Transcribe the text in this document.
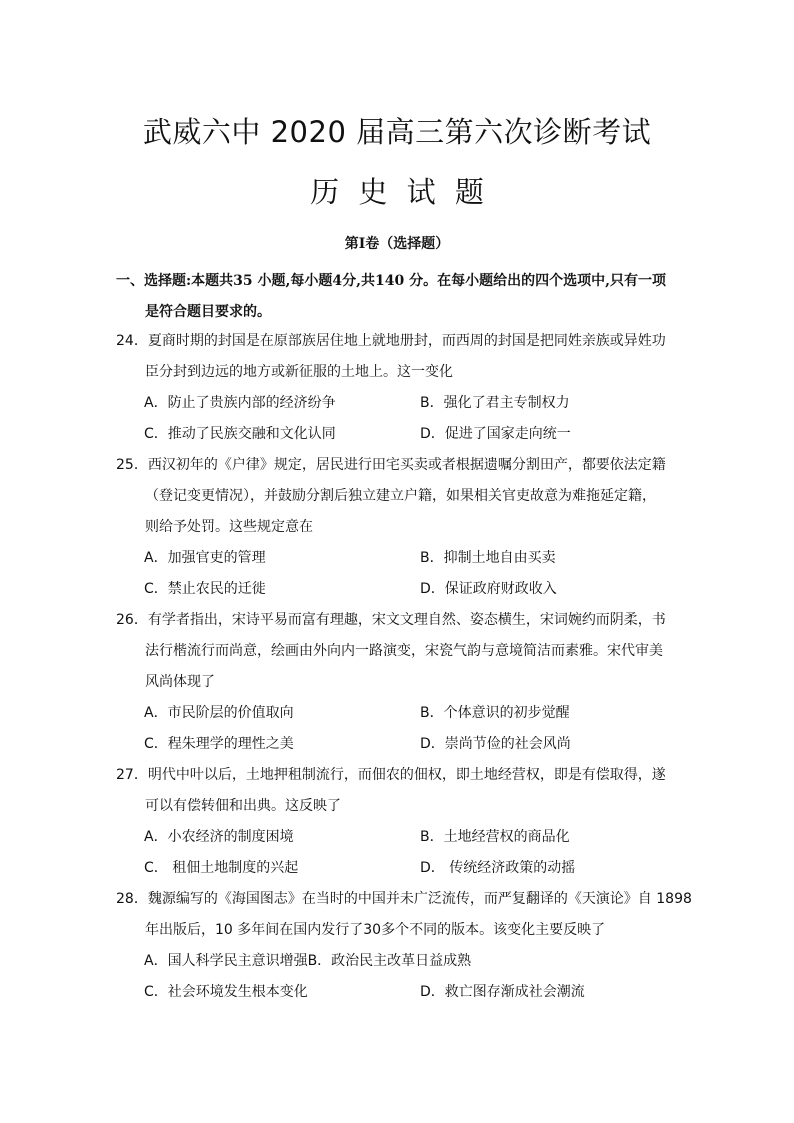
武威六中 2020 届高三第六次诊断考试
历 史 试 题
第Ⅰ卷（选择题）
一、选择题:本题共35 小题,每小题4分,共140 分。在每小题给出的四个选项中,只有一项
是符合题目要求的。
24．夏商时期的封国是在原部族居住地上就地册封，而西周的封国是把同姓亲族或异姓功
臣分封到边远的地方或新征服的土地上。这一变化
A．防止了贵族内部的经济纷争	B．强化了君主专制权力
C．推动了民族交融和文化认同	D．促进了国家走向统一
25．西汉初年的《户律》规定，居民进行田宅买卖或者根据遗嘱分割田产，都要依法定籍
（登记变更情况），并鼓励分割后独立建立户籍，如果相关官吏故意为难拖延定籍，
则给予处罚。这些规定意在
A．加强官吏的管理	B．抑制土地自由买卖
C．禁止农民的迁徙	D．保证政府财政收入
26．有学者指出，宋诗平易而富有理趣，宋文文理自然、姿态横生，宋词婉约而阴柔，书
法行楷流行而尚意，绘画由外向内一路演变，宋瓷气韵与意境简洁而素雅。宋代审美
风尚体现了
A．市民阶层的价值取向	B．个体意识的初步觉醒
C．程朱理学的理性之美	D．崇尚节俭的社会风尚
27．明代中叶以后，土地押租制流行，而佃农的佃权，即土地经营权，即是有偿取得，遂
可以有偿转佃和出典。这反映了
A．小农经济的制度困境	B．土地经营权的商品化
C． 租佃土地制度的兴起	D． 传统经济政策的动摇
28．魏源编写的《海国图志》在当时的中国并未广泛流传，而严复翻译的《天演论》自 1898
年出版后，10 多年间在国内发行了30多个不同的版本。该变化主要反映了
A．国人科学民主意识增强B．政治民主改革日益成熟
C．社会环境发生根本变化	D．救亡图存渐成社会潮流
